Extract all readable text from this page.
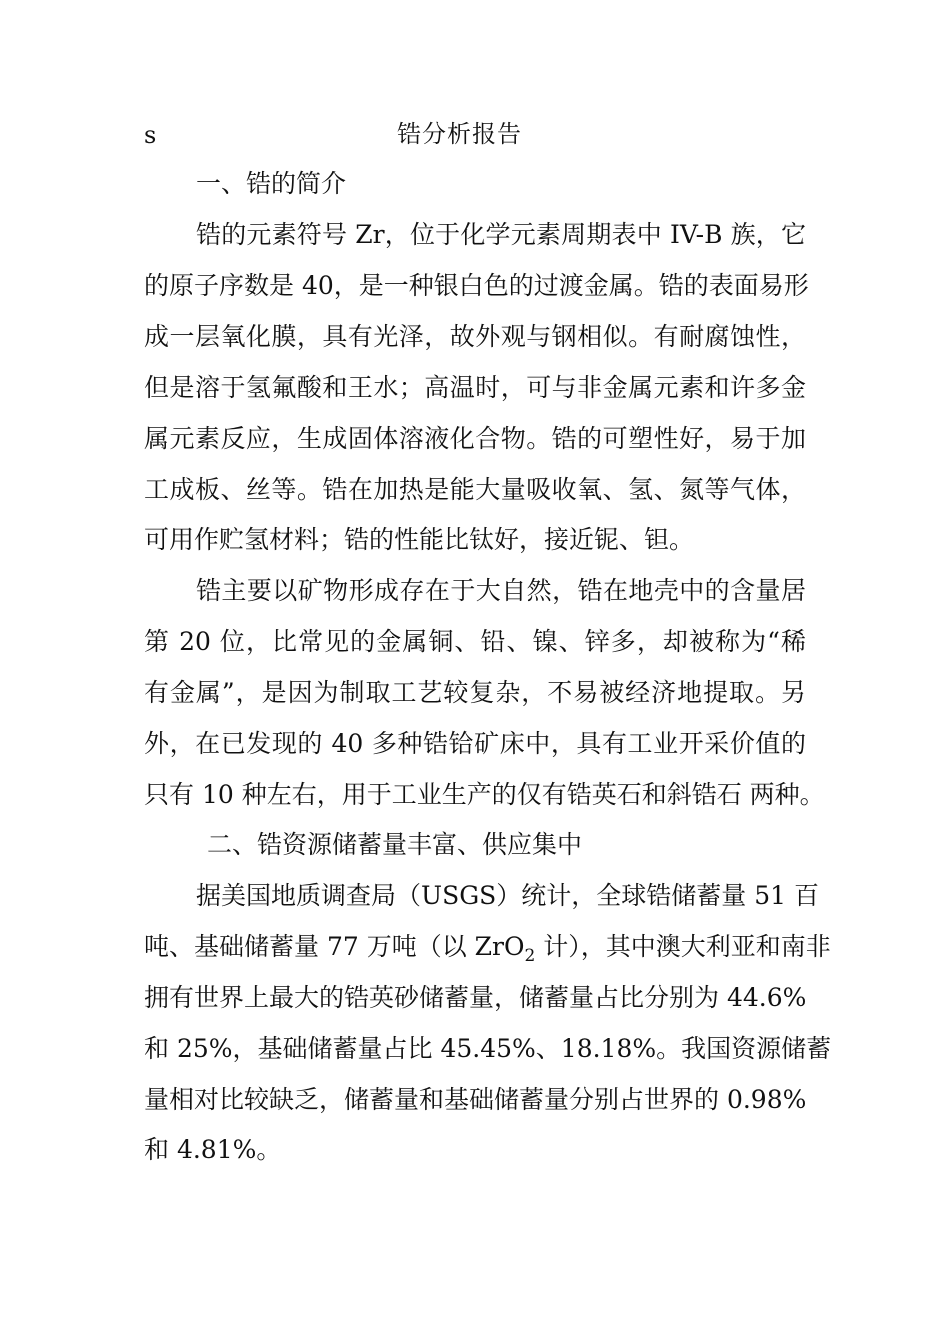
s	锆分析报告
一、锆的简介
锆的元素符号 Zr，位于化学元素周期表中 IV-B 族，它
的原子序数是 40，是一种银白色的过渡金属。锆的表面易形
成一层氧化膜，具有光泽，故外观与钢相似。有耐腐蚀性，
但是溶于氢氟酸和王水；高温时，可与非金属元素和许多金
属元素反应，生成固体溶液化合物。锆的可塑性好，易于加
工成板、丝等。锆在加热是能大量吸收氧、氢、氮等气体，
可用作贮氢材料；锆的性能比钛好，接近铌、钽。
锆主要以矿物形成存在于大自然，锆在地壳中的含量居
第 20 位，比常见的金属铜、铅、镍、锌多，却被称为“稀
有金属”，是因为制取工艺较复杂，不易被经济地提取。另
外，在已发现的 40 多种锆铪矿床中，具有工业开采价值的
只有 10 种左右，用于工业生产的仅有锆英石和斜锆石 两种。
二、锆资源储蓄量丰富、供应集中
据美国地质调查局（USGS）统计，全球锆储蓄量 51 百
吨、基础储蓄量 77 万吨（以 ZrO$_2$ 计），其中澳大利亚和南非
拥有世界上最大的锆英砂储蓄量，储蓄量占比分别为 44.6%
和 25%，基础储蓄量占比 45.45%、18.18%。我国资源储蓄
量相对比较缺乏，储蓄量和基础储蓄量分别占世界的 0.98%
和 4.81%。
